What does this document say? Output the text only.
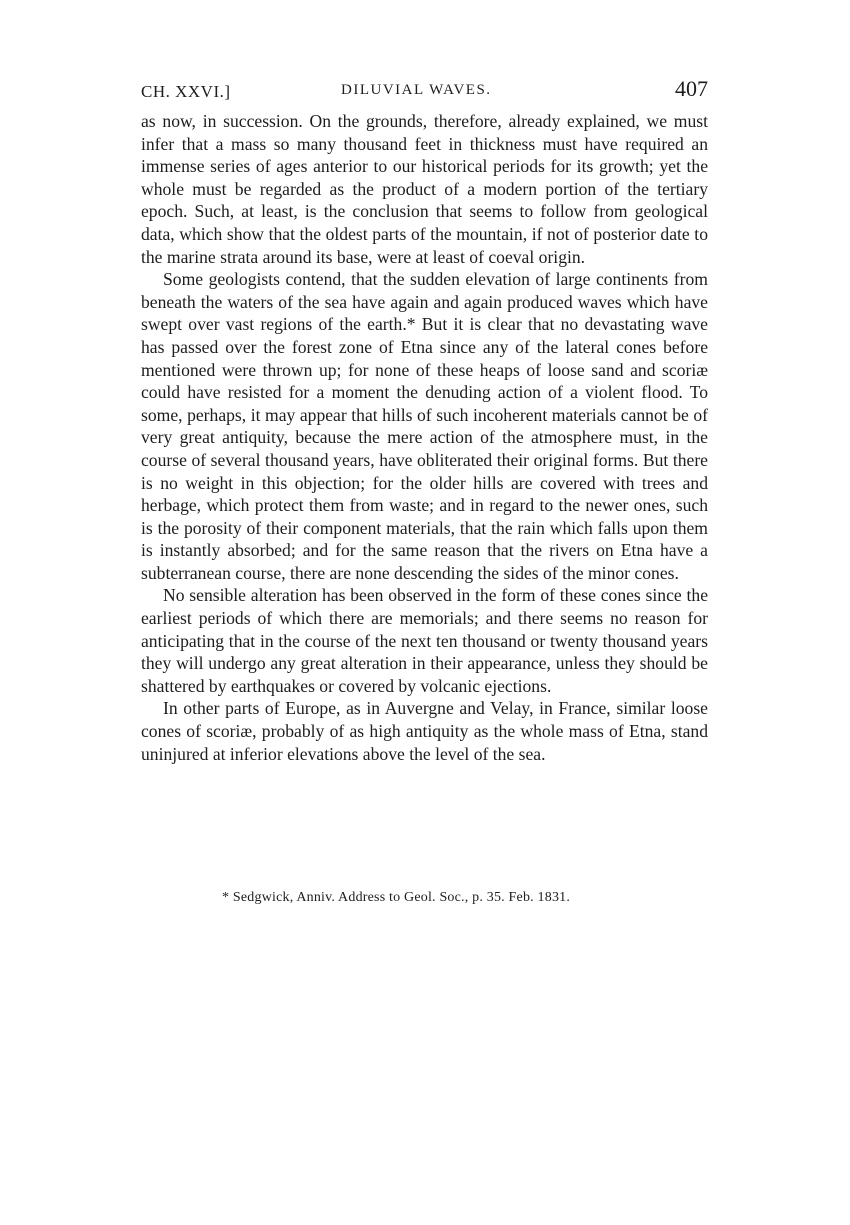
CH. XXVI.]	DILUVIAL WAVES.	407

as now, in succession. On the grounds, therefore, already explained, we must infer that a mass so many thousand feet in thickness must have required an immense series of ages anterior to our historical periods for its growth; yet the whole must be regarded as the product of a modern portion of the tertiary epoch. Such, at least, is the conclusion that seems to follow from geological data, which show that the oldest parts of the mountain, if not of posterior date to the marine strata around its base, were at least of coeval origin.

Some geologists contend, that the sudden elevation of large continents from beneath the waters of the sea have again and again produced waves which have swept over vast regions of the earth.* But it is clear that no devastating wave has passed over the forest zone of Etna since any of the lateral cones before mentioned were thrown up; for none of these heaps of loose sand and scoriæ could have resisted for a moment the denuding action of a violent flood. To some, perhaps, it may appear that hills of such incoherent materials cannot be of very great antiquity, because the mere action of the atmosphere must, in the course of several thousand years, have obliterated their original forms. But there is no weight in this objection; for the older hills are covered with trees and herbage, which protect them from waste; and in regard to the newer ones, such is the porosity of their component materials, that the rain which falls upon them is instantly absorbed; and for the same reason that the rivers on Etna have a subterranean course, there are none descending the sides of the minor cones.

No sensible alteration has been observed in the form of these cones since the earliest periods of which there are memorials; and there seems no reason for anticipating that in the course of the next ten thousand or twenty thousand years they will undergo any great alteration in their appearance, unless they should be shattered by earthquakes or covered by volcanic ejections.

In other parts of Europe, as in Auvergne and Velay, in France, similar loose cones of scoriæ, probably of as high antiquity as the whole mass of Etna, stand uninjured at inferior elevations above the level of the sea.

* Sedgwick, Anniv. Address to Geol. Soc., p. 35. Feb. 1831.
